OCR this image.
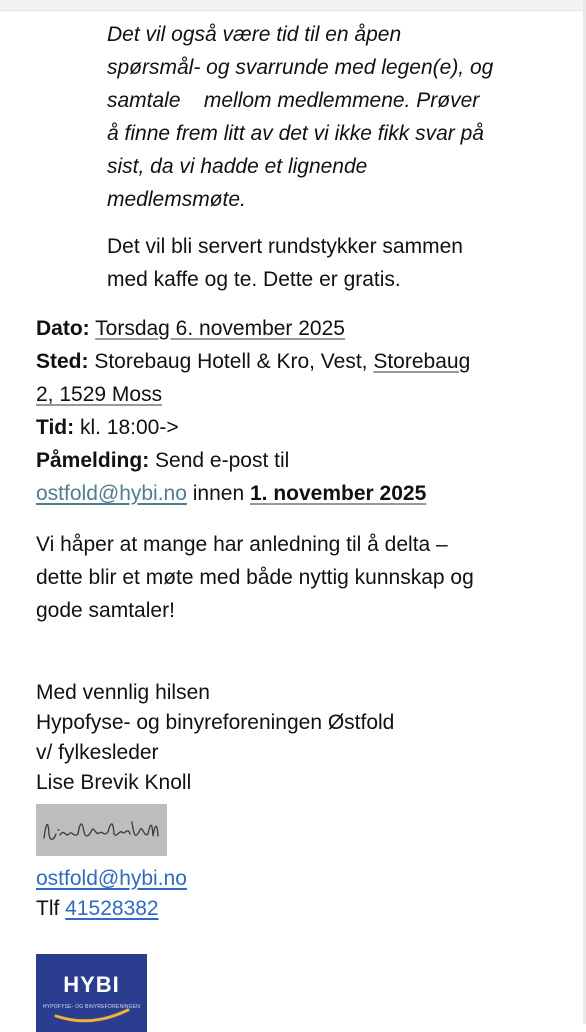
Det vil også være tid til en åpen
spørsmål- og svarrunde med legen(e), og
samtale    mellom medlemmene. Prøver
å finne frem litt av det vi ikke fikk svar på
sist, da vi hadde et lignende
medlemsmøte.

Det vil bli servert rundstykker sammen
med kaffe og te. Dette er gratis.

Dato: Torsdag 6. november 2025

Sted: Storebaug Hotell & Kro, Vest, Storebaug

2, 1529 Moss

Tid: kl. 18:00->

Påmelding: Send e-post til

ostfold@hybi.no innen 1. november 2025

Vi håper at mange har anledning til å delta –
dette blir et møte med både nyttig kunnskap og
gode samtaler!

Med vennlig hilsen

Hypofyse- og binyreforeningen Østfold

v/ fylkesleder

Lise Brevik Knoll

ostfold@hybi.no

Tlf 41528382

HYBI
HYPOFYSE- OG BINYREFORENINGEN
